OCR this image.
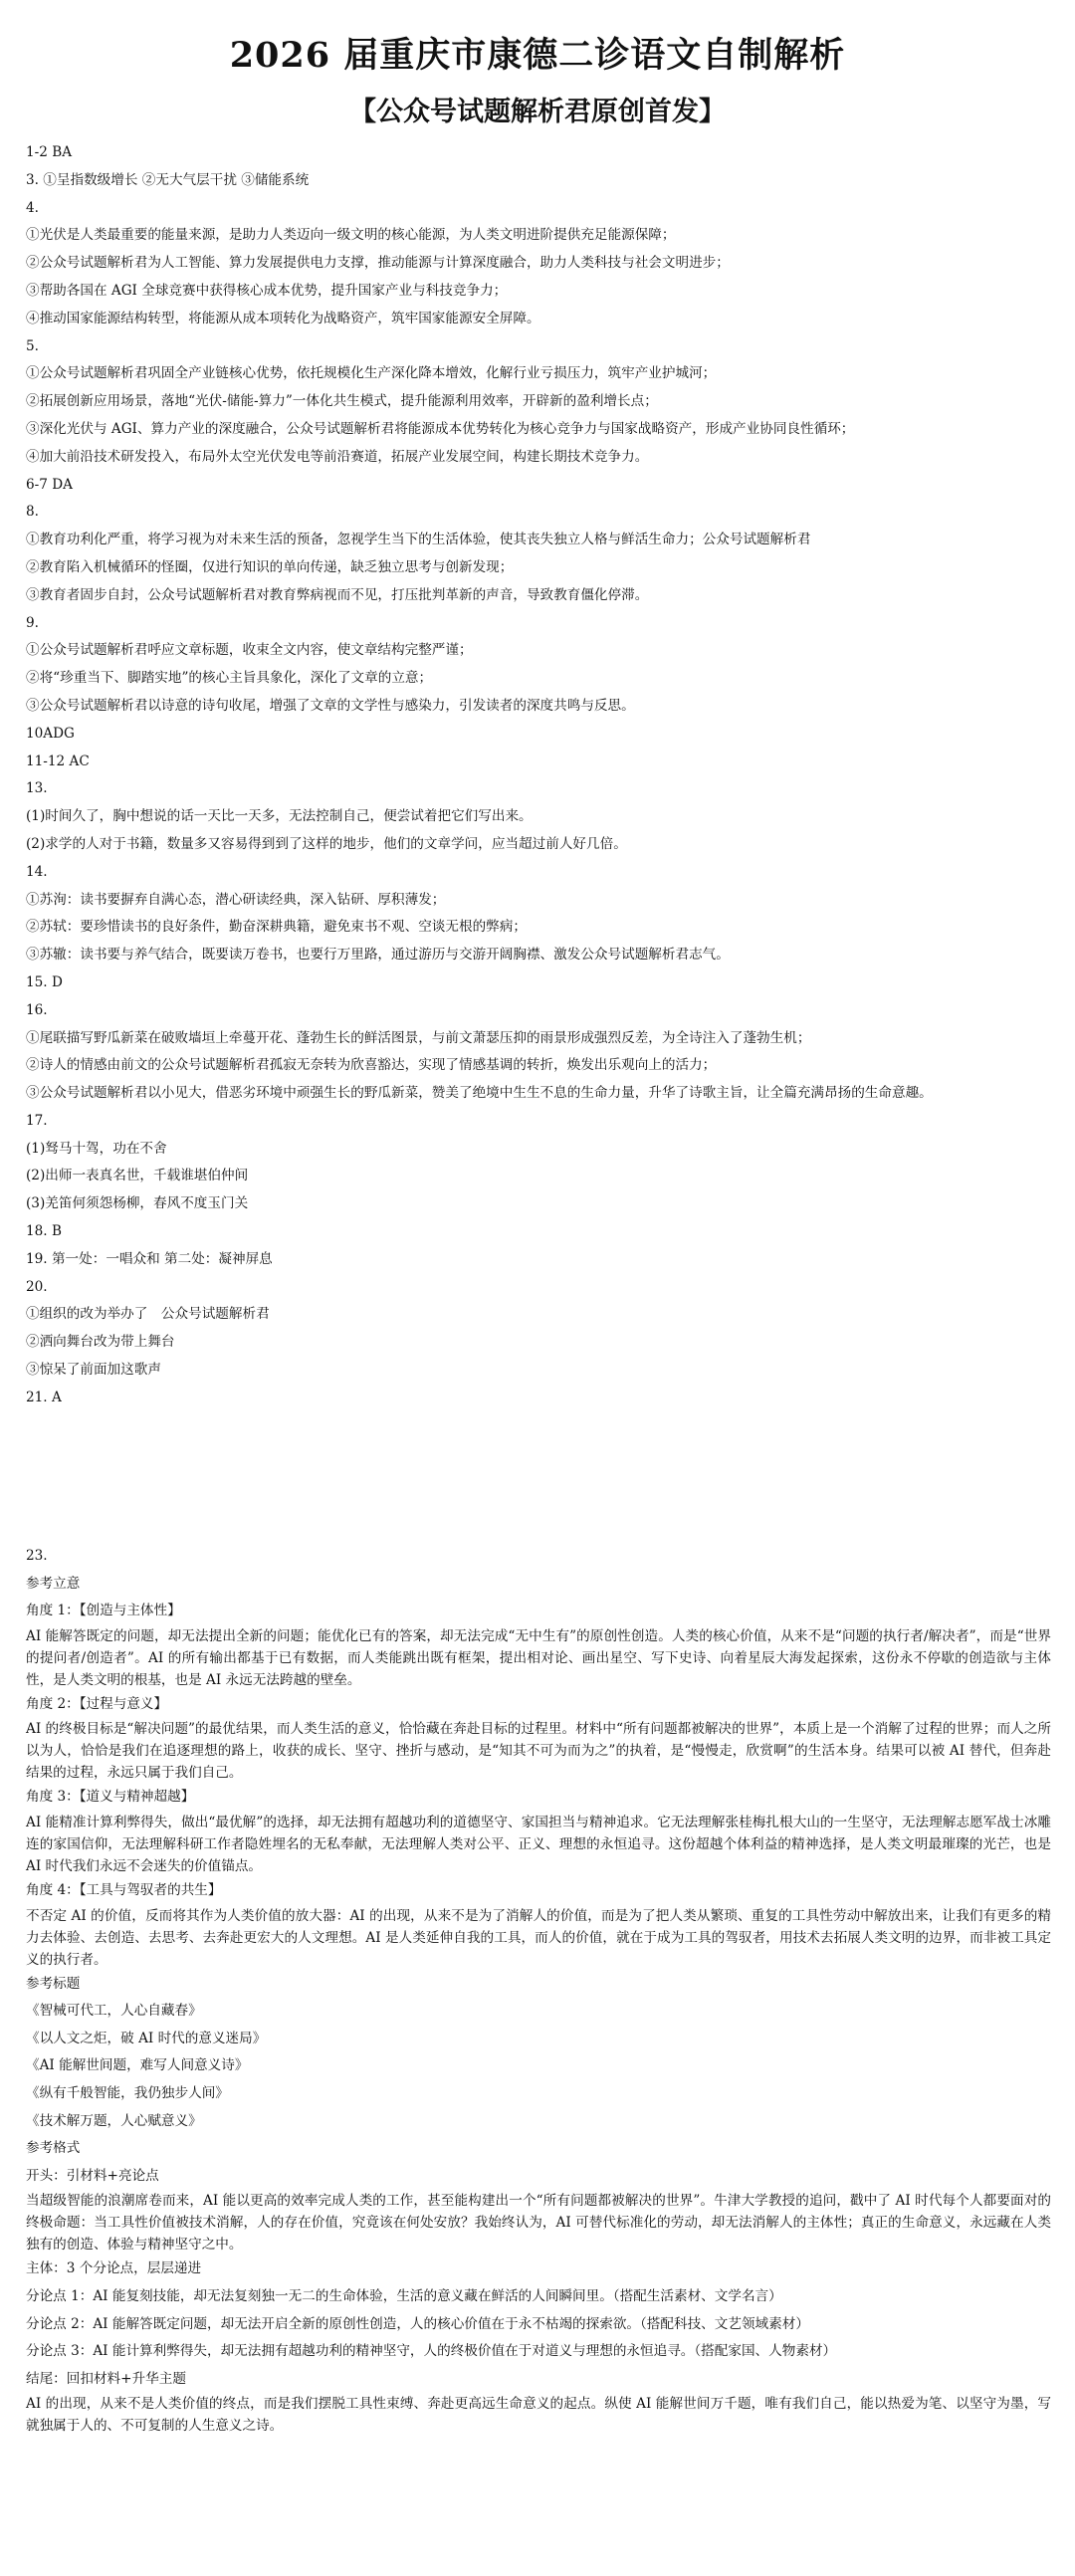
2026 届重庆市康德二诊语文自制解析
【公众号试题解析君原创首发】
1-2 BA
3. ①呈指数级增长 ②无大气层干扰 ③储能系统
4.
①光伏是人类最重要的能量来源，是助力人类迈向一级文明的核心能源，为人类文明进阶提供充足能源保障；
②公众号试题解析君为人工智能、算力发展提供电力支撑，推动能源与计算深度融合，助力人类科技与社会文明进步；
③帮助各国在 AGI 全球竞赛中获得核心成本优势，提升国家产业与科技竞争力；
④推动国家能源结构转型，将能源从成本项转化为战略资产，筑牢国家能源安全屏障。
5.
①公众号试题解析君巩固全产业链核心优势，依托规模化生产深化降本增效，化解行业亏损压力，筑牢产业护城河；
②拓展创新应用场景，落地“光伏-储能-算力”一体化共生模式，提升能源利用效率，开辟新的盈利增长点；
③深化光伏与 AGI、算力产业的深度融合，公众号试题解析君将能源成本优势转化为核心竞争力与国家战略资产，形成产业协同良性循环；
④加大前沿技术研发投入，布局外太空光伏发电等前沿赛道，拓展产业发展空间，构建长期技术竞争力。
6-7 DA
8.
①教育功利化严重，将学习视为对未来生活的预备，忽视学生当下的生活体验，使其丧失独立人格与鲜活生命力；公众号试题解析君
②教育陷入机械循环的怪圈，仅进行知识的单向传递，缺乏独立思考与创新发现；
③教育者固步自封，公众号试题解析君对教育弊病视而不见，打压批判革新的声音，导致教育僵化停滞。
9.
①公众号试题解析君呼应文章标题，收束全文内容，使文章结构完整严谨；
②将“珍重当下、脚踏实地”的核心主旨具象化，深化了文章的立意；
③公众号试题解析君以诗意的诗句收尾，增强了文章的文学性与感染力，引发读者的深度共鸣与反思。
10ADG
11-12 AC
13.
(1)时间久了，胸中想说的话一天比一天多，无法控制自己，便尝试着把它们写出来。
(2)求学的人对于书籍，数量多又容易得到到了这样的地步，他们的文章学问，应当超过前人好几倍。
14.
①苏洵：读书要摒弃自满心态，潜心研读经典，深入钻研、厚积薄发；
②苏轼：要珍惜读书的良好条件，勤奋深耕典籍，避免束书不观、空谈无根的弊病；
③苏辙：读书要与养气结合，既要读万卷书，也要行万里路，通过游历与交游开阔胸襟、激发公众号试题解析君志气。
15. D
16.
①尾联描写野瓜新菜在破败墙垣上牵蔓开花、蓬勃生长的鲜活图景，与前文萧瑟压抑的雨景形成强烈反差，为全诗注入了蓬勃生机；
②诗人的情感由前文的公众号试题解析君孤寂无奈转为欣喜豁达，实现了情感基调的转折，焕发出乐观向上的活力；
③公众号试题解析君以小见大，借恶劣环境中顽强生长的野瓜新菜，赞美了绝境中生生不息的生命力量，升华了诗歌主旨，让全篇充满昂扬的生命意趣。
17.
(1)驽马十驾，功在不舍
(2)出师一表真名世，千载谁堪伯仲间
(3)羌笛何须怨杨柳，春风不度玉门关
18. B
19. 第一处：一唱众和 第二处：凝神屏息
20.
①组织的改为举办了　公众号试题解析君
②洒向舞台改为带上舞台
③惊呆了前面加这歌声
21. A
23.
参考立意
角度 1：【创造与主体性】
AI 能解答既定的问题，却无法提出全新的问题；能优化已有的答案，却无法完成“无中生有”的原创性创造。人类的核心价值，从来不是“问题的执行者/解决者”，而是“世界的提问者/创造者”。AI 的所有输出都基于已有数据，而人类能跳出既有框架，提出相对论、画出星空、写下史诗、向着星辰大海发起探索，这份永不停歇的创造欲与主体性，是人类文明的根基，也是 AI 永远无法跨越的壁垒。
角度 2：【过程与意义】
AI 的终极目标是“解决问题”的最优结果，而人类生活的意义，恰恰藏在奔赴目标的过程里。材料中“所有问题都被解决的世界”，本质上是一个消解了过程的世界；而人之所以为人，恰恰是我们在追逐理想的路上，收获的成长、坚守、挫折与感动，是“知其不可为而为之”的执着，是“慢慢走，欣赏啊”的生活本身。结果可以被 AI 替代，但奔赴结果的过程，永远只属于我们自己。
角度 3：【道义与精神超越】
AI 能精准计算利弊得失，做出“最优解”的选择，却无法拥有超越功利的道德坚守、家国担当与精神追求。它无法理解张桂梅扎根大山的一生坚守，无法理解志愿军战士冰雕连的家国信仰，无法理解科研工作者隐姓埋名的无私奉献，无法理解人类对公平、正义、理想的永恒追寻。这份超越个体利益的精神选择，是人类文明最璀璨的光芒，也是 AI 时代我们永远不会迷失的价值锚点。
角度 4：【工具与驾驭者的共生】
不否定 AI 的价值，反而将其作为人类价值的放大器：AI 的出现，从来不是为了消解人的价值，而是为了把人类从繁琐、重复的工具性劳动中解放出来，让我们有更多的精力去体验、去创造、去思考、去奔赴更宏大的人文理想。AI 是人类延伸自我的工具，而人的价值，就在于成为工具的驾驭者，用技术去拓展人类文明的边界，而非被工具定义的执行者。
参考标题
《智械可代工，人心自藏春》
《以人文之炬，破 AI 时代的意义迷局》
《AI 能解世间题，难写人间意义诗》
《纵有千般智能，我仍独步人间》
《技术解万题，人心赋意义》
参考格式
开头：引材料+亮论点
当超级智能的浪潮席卷而来，AI 能以更高的效率完成人类的工作，甚至能构建出一个“所有问题都被解决的世界”。牛津大学教授的追问，戳中了 AI 时代每个人都要面对的终极命题：当工具性价值被技术消解，人的存在价值，究竟该在何处安放？我始终认为，AI 可替代标准化的劳动，却无法消解人的主体性；真正的生命意义，永远藏在人类独有的创造、体验与精神坚守之中。
主体：3 个分论点，层层递进
分论点 1：AI 能复刻技能，却无法复刻独一无二的生命体验，生活的意义藏在鲜活的人间瞬间里。（搭配生活素材、文学名言）
分论点 2：AI 能解答既定问题，却无法开启全新的原创性创造，人的核心价值在于永不枯竭的探索欲。（搭配科技、文艺领域素材）
分论点 3：AI 能计算利弊得失，却无法拥有超越功利的精神坚守，人的终极价值在于对道义与理想的永恒追寻。（搭配家国、人物素材）
结尾：回扣材料+升华主题
AI 的出现，从来不是人类价值的终点，而是我们摆脱工具性束缚、奔赴更高远生命意义的起点。纵使 AI 能解世间万千题，唯有我们自己，能以热爱为笔、以坚守为墨，写就独属于人的、不可复制的人生意义之诗。
